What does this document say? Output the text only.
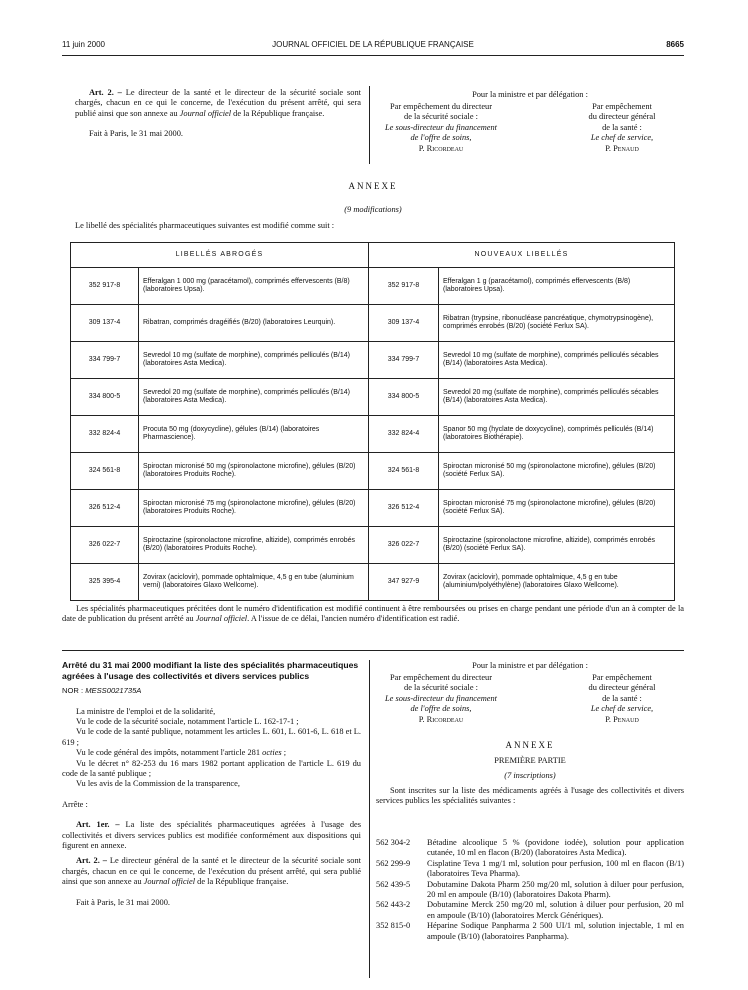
11 juin 2000	JOURNAL OFFICIEL DE LA RÉPUBLIQUE FRANÇAISE	8665

Art. 2. – Le directeur de la santé et le directeur de la sécurité sociale sont chargés, chacun en ce qui le concerne, de l'exécution du présent arrêté, qui sera publié ainsi que son annexe au Journal officiel de la République française.

Fait à Paris, le 31 mai 2000.

Pour la ministre et par délégation :
Par empêchement du directeur
de la sécurité sociale :
Le sous-directeur du financement
de l'offre de soins,
P. Ricordeau
Par empêchement
du directeur général
de la santé :
Le chef de service,
P. Penaud
ANNEXE
(9 modifications)
Le libellé des spécialités pharmaceutiques suivantes est modifié comme suit :
LIBELLÉS ABROGÉS		NOUVEAUX LIBELLÉS	
352 917-8	Efferalgan 1 000 mg (paracétamol), comprimés effervescents (B/8) (laboratoires Upsa).	352 917-8	Efferalgan 1 g (paracétamol), comprimés effervescents (B/8) (laboratoires Upsa).
309 137-4	Ribatran, comprimés dragéifiés (B/20) (laboratoires Leurquin).	309 137-4	Ribatran (trypsine, ribonucléase pancréatique, chymotrypsinogène), comprimés enrobés (B/20) (société Ferlux SA).
334 799-7	Sevredol 10 mg (sulfate de morphine), comprimés pelliculés (B/14) (laboratoires Asta Medica).	334 799-7	Sevredol 10 mg (sulfate de morphine), comprimés pelliculés sécables (B/14) (laboratoires Asta Medica).
334 800-5	Sevredol 20 mg (sulfate de morphine), comprimés pelliculés (B/14) (laboratoires Asta Medica).	334 800-5	Sevredol 20 mg (sulfate de morphine), comprimés pelliculés sécables (B/14) (laboratoires Asta Medica).
332 824-4	Procuta 50 mg (doxycycline), gélules (B/14) (laboratoires Pharmascience).	332 824-4	Spanor 50 mg (hyclate de doxycycline), comprimés pelliculés (B/14) (laboratoires Biothérapie).
324 561-8	Spiroctan micronisé 50 mg (spironolactone microfine), gélules (B/20) (laboratoires Produits Roche).	324 561-8	Spiroctan micronisé 50 mg (spironolactone microfine), gélules (B/20) (société Ferlux SA).
326 512-4	Spiroctan micronisé 75 mg (spironolactone microfine), gélules (B/20) (laboratoires Produits Roche).	326 512-4	Spiroctan micronisé 75 mg (spironolactone microfine), gélules (B/20) (société Ferlux SA).
326 022-7	Spiroctazine (spironolactone microfine, altizide), comprimés enrobés (B/20) (laboratoires Produits Roche).	326 022-7	Spiroctazine (spironolactone microfine, altizide), comprimés enrobés (B/20) (société Ferlux SA).
325 395-4	Zovirax (aciclovir), pommade ophtalmique, 4,5 g en tube (aluminium verni) (laboratoires Glaxo Wellcome).	347 927-9	Zovirax (aciclovir), pommade ophtalmique, 4,5 g en tube (aluminium/polyéthylène) (laboratoires Glaxo Wellcome).

Les spécialités pharmaceutiques précitées dont le numéro d'identification est modifié continuent à être remboursées ou prises en charge pendant une période d'un an à compter de la date de publication du présent arrêté au Journal officiel. A l'issue de ce délai, l'ancien numéro d'identification est radié.

Arrêté du 31 mai 2000 modifiant la liste des spécialités pharmaceutiques agréées à l'usage des collectivités et divers services publics

NOR : MESS0021735A

La ministre de l'emploi et de la solidarité,

Vu le code de la sécurité sociale, notamment l'article L. 162-17-1 ;

Vu le code de la santé publique, notamment les articles L. 601, L. 601-6, L. 618 et L. 619 ;

Vu le code général des impôts, notamment l'article 281 octies ;

Vu le décret n° 82-253 du 16 mars 1982 portant application de l'article L. 619 du code de la santé publique ;

Vu les avis de la Commission de la transparence,

Arrête :

Art. 1er. – La liste des spécialités pharmaceutiques agréées à l'usage des collectivités et divers services publics est modifiée conformément aux dispositions qui figurent en annexe.

Art. 2. – Le directeur général de la santé et le directeur de la sécurité sociale sont chargés, chacun en ce qui le concerne, de l'exécution du présent arrêté, qui sera publié ainsi que son annexe au Journal officiel de la République française.

Fait à Paris, le 31 mai 2000.

Pour la ministre et par délégation :
Par empêchement du directeur
de la sécurité sociale :
Le sous-directeur du financement
de l'offre de soins,
P. Ricordeau
Par empêchement
du directeur général
de la santé :
Le chef de service,
P. Penaud
ANNEXE
PREMIÈRE PARTIE
(7 inscriptions)

Sont inscrites sur la liste des médicaments agréés à l'usage des collectivités et divers services publics les spécialités suivantes :

562 304-2	Bétadine alcoolique 5 % (povidone iodée), solution pour application cutanée, 10 ml en flacon (B/20) (laboratoires Asta Medica).
562 299-9	Cisplatine Teva 1 mg/1 ml, solution pour perfusion, 100 ml en flacon (B/1) (laboratoires Teva Pharma).
562 439-5	Dobutamine Dakota Pharm 250 mg/20 ml, solution à diluer pour perfusion, 20 ml en ampoule (B/10) (laboratoires Dakota Pharm).
562 443-2	Dobutamine Merck 250 mg/20 ml, solution à diluer pour perfusion, 20 ml en ampoule (B/10) (laboratoires Merck Génériques).
352 815-0	Héparine Sodique Panpharma 2 500 UI/1 ml, solution injectable, 1 ml en ampoule (B/10) (laboratoires Panpharma).
